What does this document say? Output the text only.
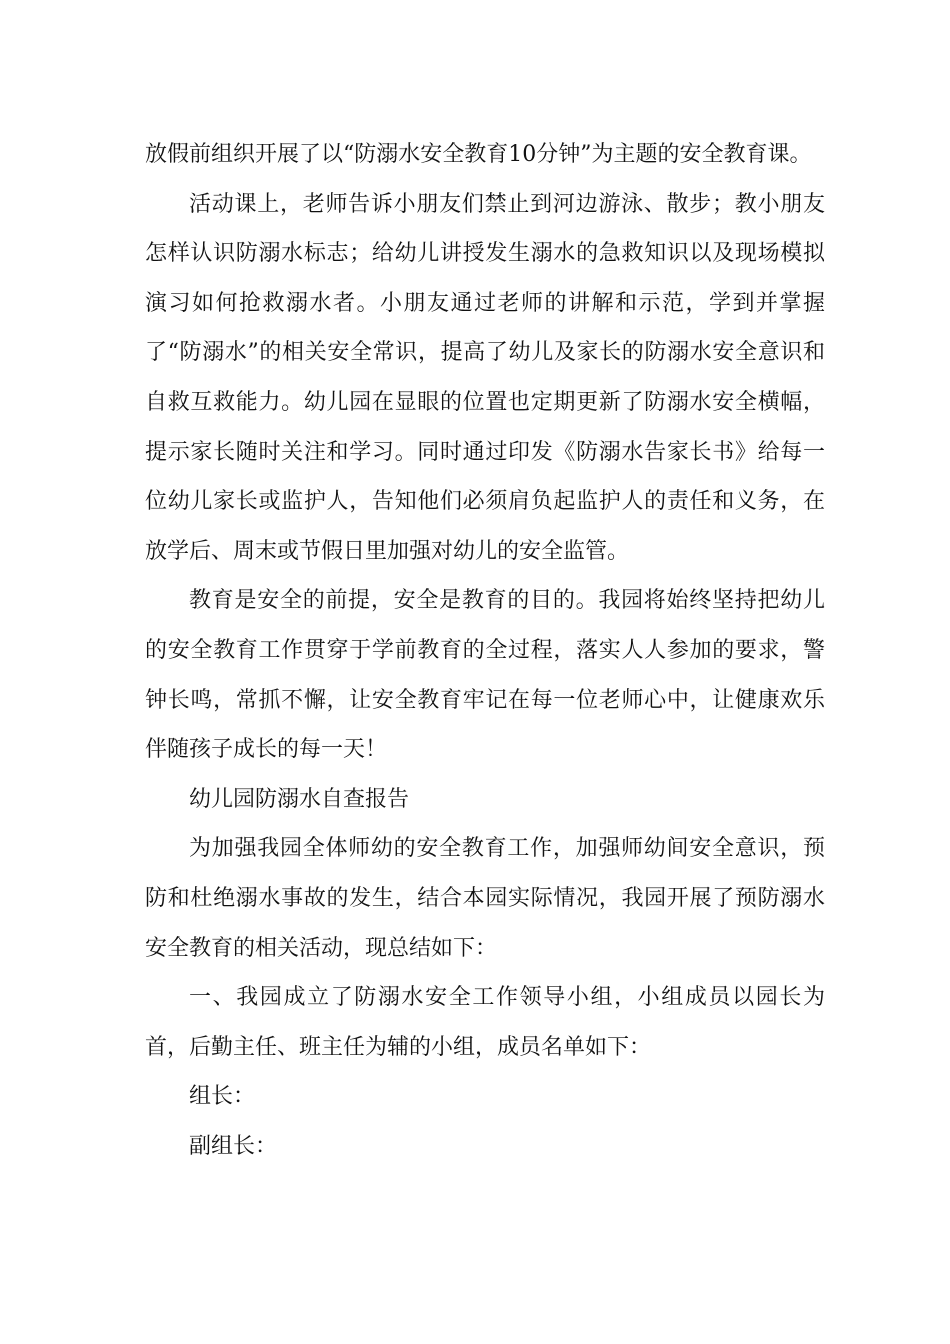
放假前组织开展了以“防溺水安全教育10分钟”为主题的安全教育课。

活动课上，老师告诉小朋友们禁止到河边游泳、散步；教小朋友怎样认识防溺水标志；给幼儿讲授发生溺水的急救知识以及现场模拟演习如何抢救溺水者。小朋友通过老师的讲解和示范，学到并掌握了“防溺水”的相关安全常识，提高了幼儿及家长的防溺水安全意识和自救互救能力。幼儿园在显眼的位置也定期更新了防溺水安全横幅，提示家长随时关注和学习。同时通过印发《防溺水告家长书》给每一位幼儿家长或监护人，告知他们必须肩负起监护人的责任和义务，在放学后、周末或节假日里加强对幼儿的安全监管。

教育是安全的前提，安全是教育的目的。我园将始终坚持把幼儿的安全教育工作贯穿于学前教育的全过程，落实人人参加的要求，警钟长鸣，常抓不懈，让安全教育牢记在每一位老师心中，让健康欢乐伴随孩子成长的每一天！

幼儿园防溺水自查报告

为加强我园全体师幼的安全教育工作，加强师幼间安全意识，预防和杜绝溺水事故的发生，结合本园实际情况，我园开展了预防溺水安全教育的相关活动，现总结如下：

一、我园成立了防溺水安全工作领导小组，小组成员以园长为首，后勤主任、班主任为辅的小组，成员名单如下：

组长：

副组长：
